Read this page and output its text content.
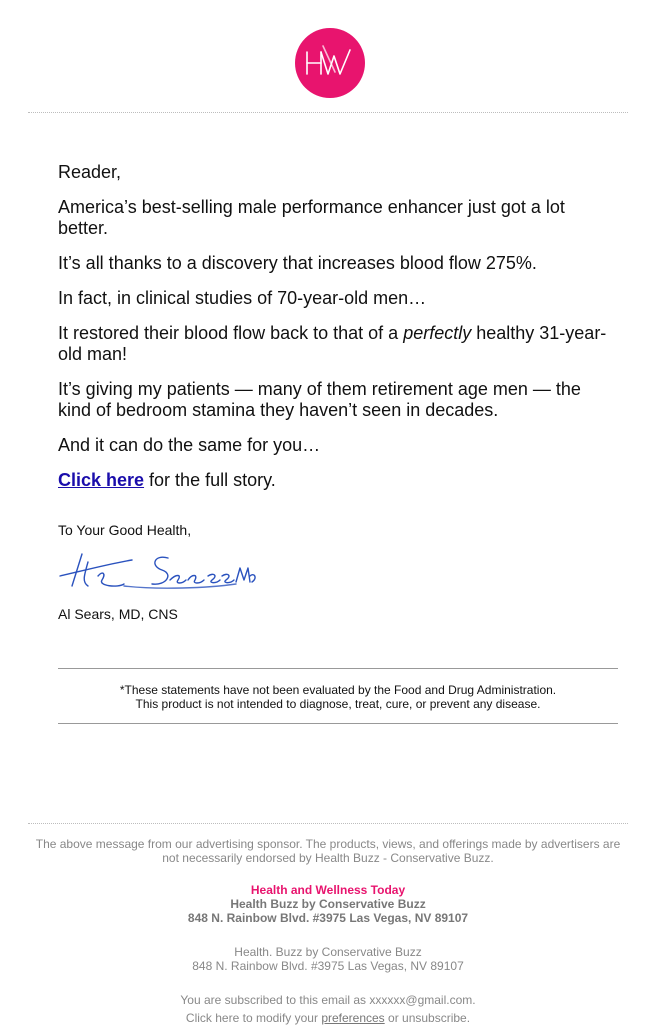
Reader,

America’s best-selling male performance enhancer just got a lot better.

It’s all thanks to a discovery that increases blood flow 275%.

In fact, in clinical studies of 70-year-old men…

It restored their blood flow back to that of a perfectly healthy 31-year-old man!

It’s giving my patients — many of them retirement age men — the kind of bedroom stamina they haven’t seen in decades.

And it can do the same for you…

Click here for the full story.

To Your Good Health,
Al Sears, MD, CNS
*These statements have not been evaluated by the Food and Drug Administration.
This product is not intended to diagnose, treat, cure, or prevent any disease.

The above message from our advertising sponsor. The products, views, and offerings made by advertisers are not necessarily endorsed by Health Buzz - Conservative Buzz.

Health and Wellness Today
Health Buzz by Conservative Buzz
848 N. Rainbow Blvd. #3975 Las Vegas, NV 89107
Health. Buzz by Conservative Buzz
848 N. Rainbow Blvd. #3975 Las Vegas, NV 89107
You are subscribed to this email as xxxxxx@gmail.com.
Click here to modify your preferences or unsubscribe.
